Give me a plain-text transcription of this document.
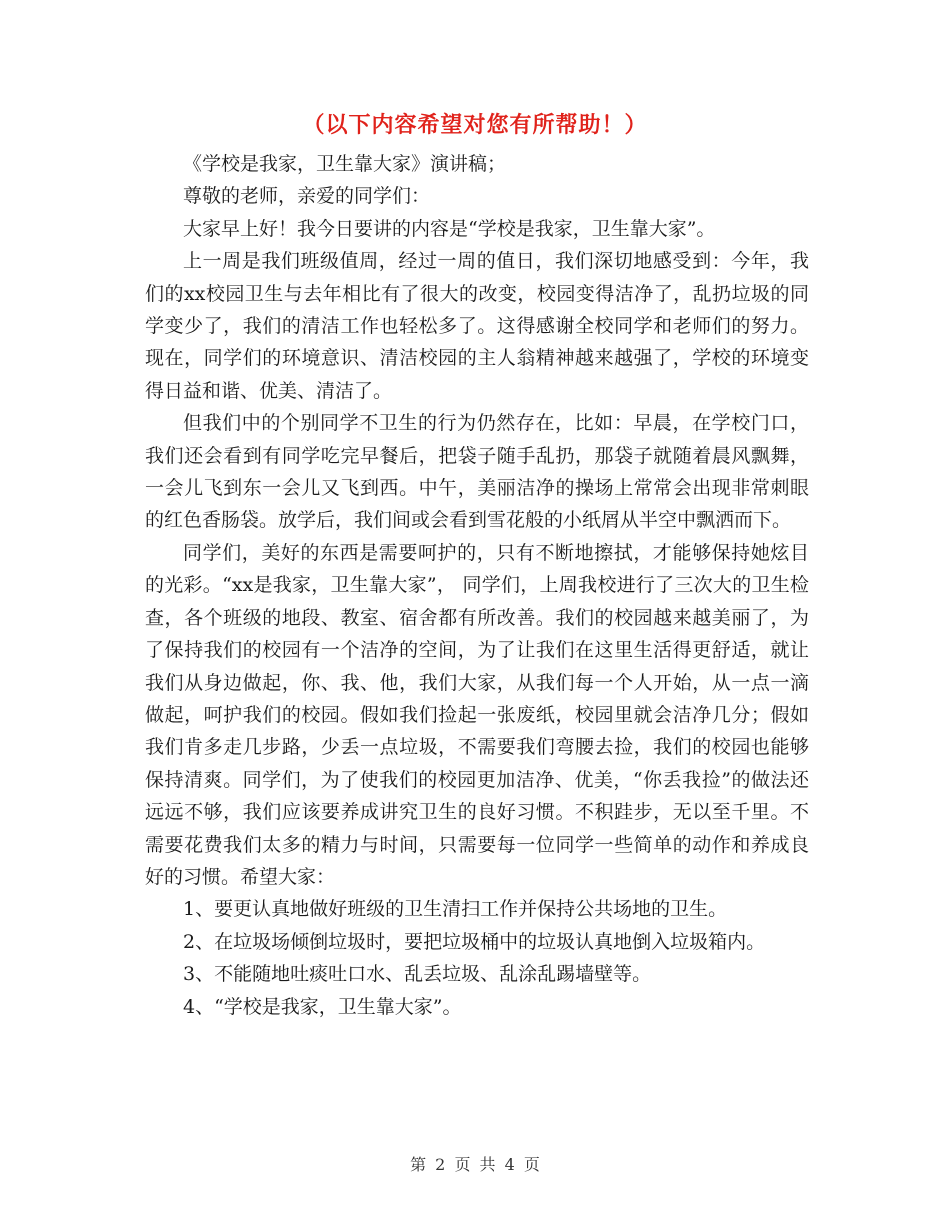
（以下内容希望对您有所帮助！）

《学校是我家，卫生靠大家》演讲稿；

尊敬的老师，亲爱的同学们：

大家早上好！我今日要讲的内容是“学校是我家，卫生靠大家”。

上一周是我们班级值周，经过一周的值日，我们深切地感受到：今年，我们的xx校园卫生与去年相比有了很大的改变，校园变得洁净了，乱扔垃圾的同学变少了，我们的清洁工作也轻松多了。这得感谢全校同学和老师们的努力。现在，同学们的环境意识、清洁校园的主人翁精神越来越强了，学校的环境变得日益和谐、优美、清洁了。

但我们中的个别同学不卫生的行为仍然存在，比如：早晨，在学校门口，我们还会看到有同学吃完早餐后，把袋子随手乱扔，那袋子就随着晨风飘舞，一会儿飞到东一会儿又飞到西。中午，美丽洁净的操场上常常会出现非常刺眼的红色香肠袋。放学后，我们间或会看到雪花般的小纸屑从半空中飘洒而下。

同学们，美好的东西是需要呵护的，只有不断地擦拭，才能够保持她炫目的光彩。“xx是我家，卫生靠大家”， 同学们，上周我校进行了三次大的卫生检查，各个班级的地段、教室、宿舍都有所改善。我们的校园越来越美丽了，为了保持我们的校园有一个洁净的空间，为了让我们在这里生活得更舒适，就让我们从身边做起，你、我、他，我们大家，从我们每一个人开始，从一点一滴做起，呵护我们的校园。假如我们捡起一张废纸，校园里就会洁净几分；假如我们肯多走几步路，少丢一点垃圾，不需要我们弯腰去捡，我们的校园也能够保持清爽。同学们，为了使我们的校园更加洁净、优美，“你丢我捡”的做法还远远不够，我们应该要养成讲究卫生的良好习惯。不积跬步，无以至千里。不需要花费我们太多的精力与时间，只需要每一位同学一些简单的动作和养成良好的习惯。希望大家：

1、要更认真地做好班级的卫生清扫工作并保持公共场地的卫生。

2、在垃圾场倾倒垃圾时，要把垃圾桶中的垃圾认真地倒入垃圾箱内。

3、不能随地吐痰吐口水、乱丢垃圾、乱涂乱踢墙壁等。

4、“学校是我家，卫生靠大家”。

第 2 页 共 4 页
